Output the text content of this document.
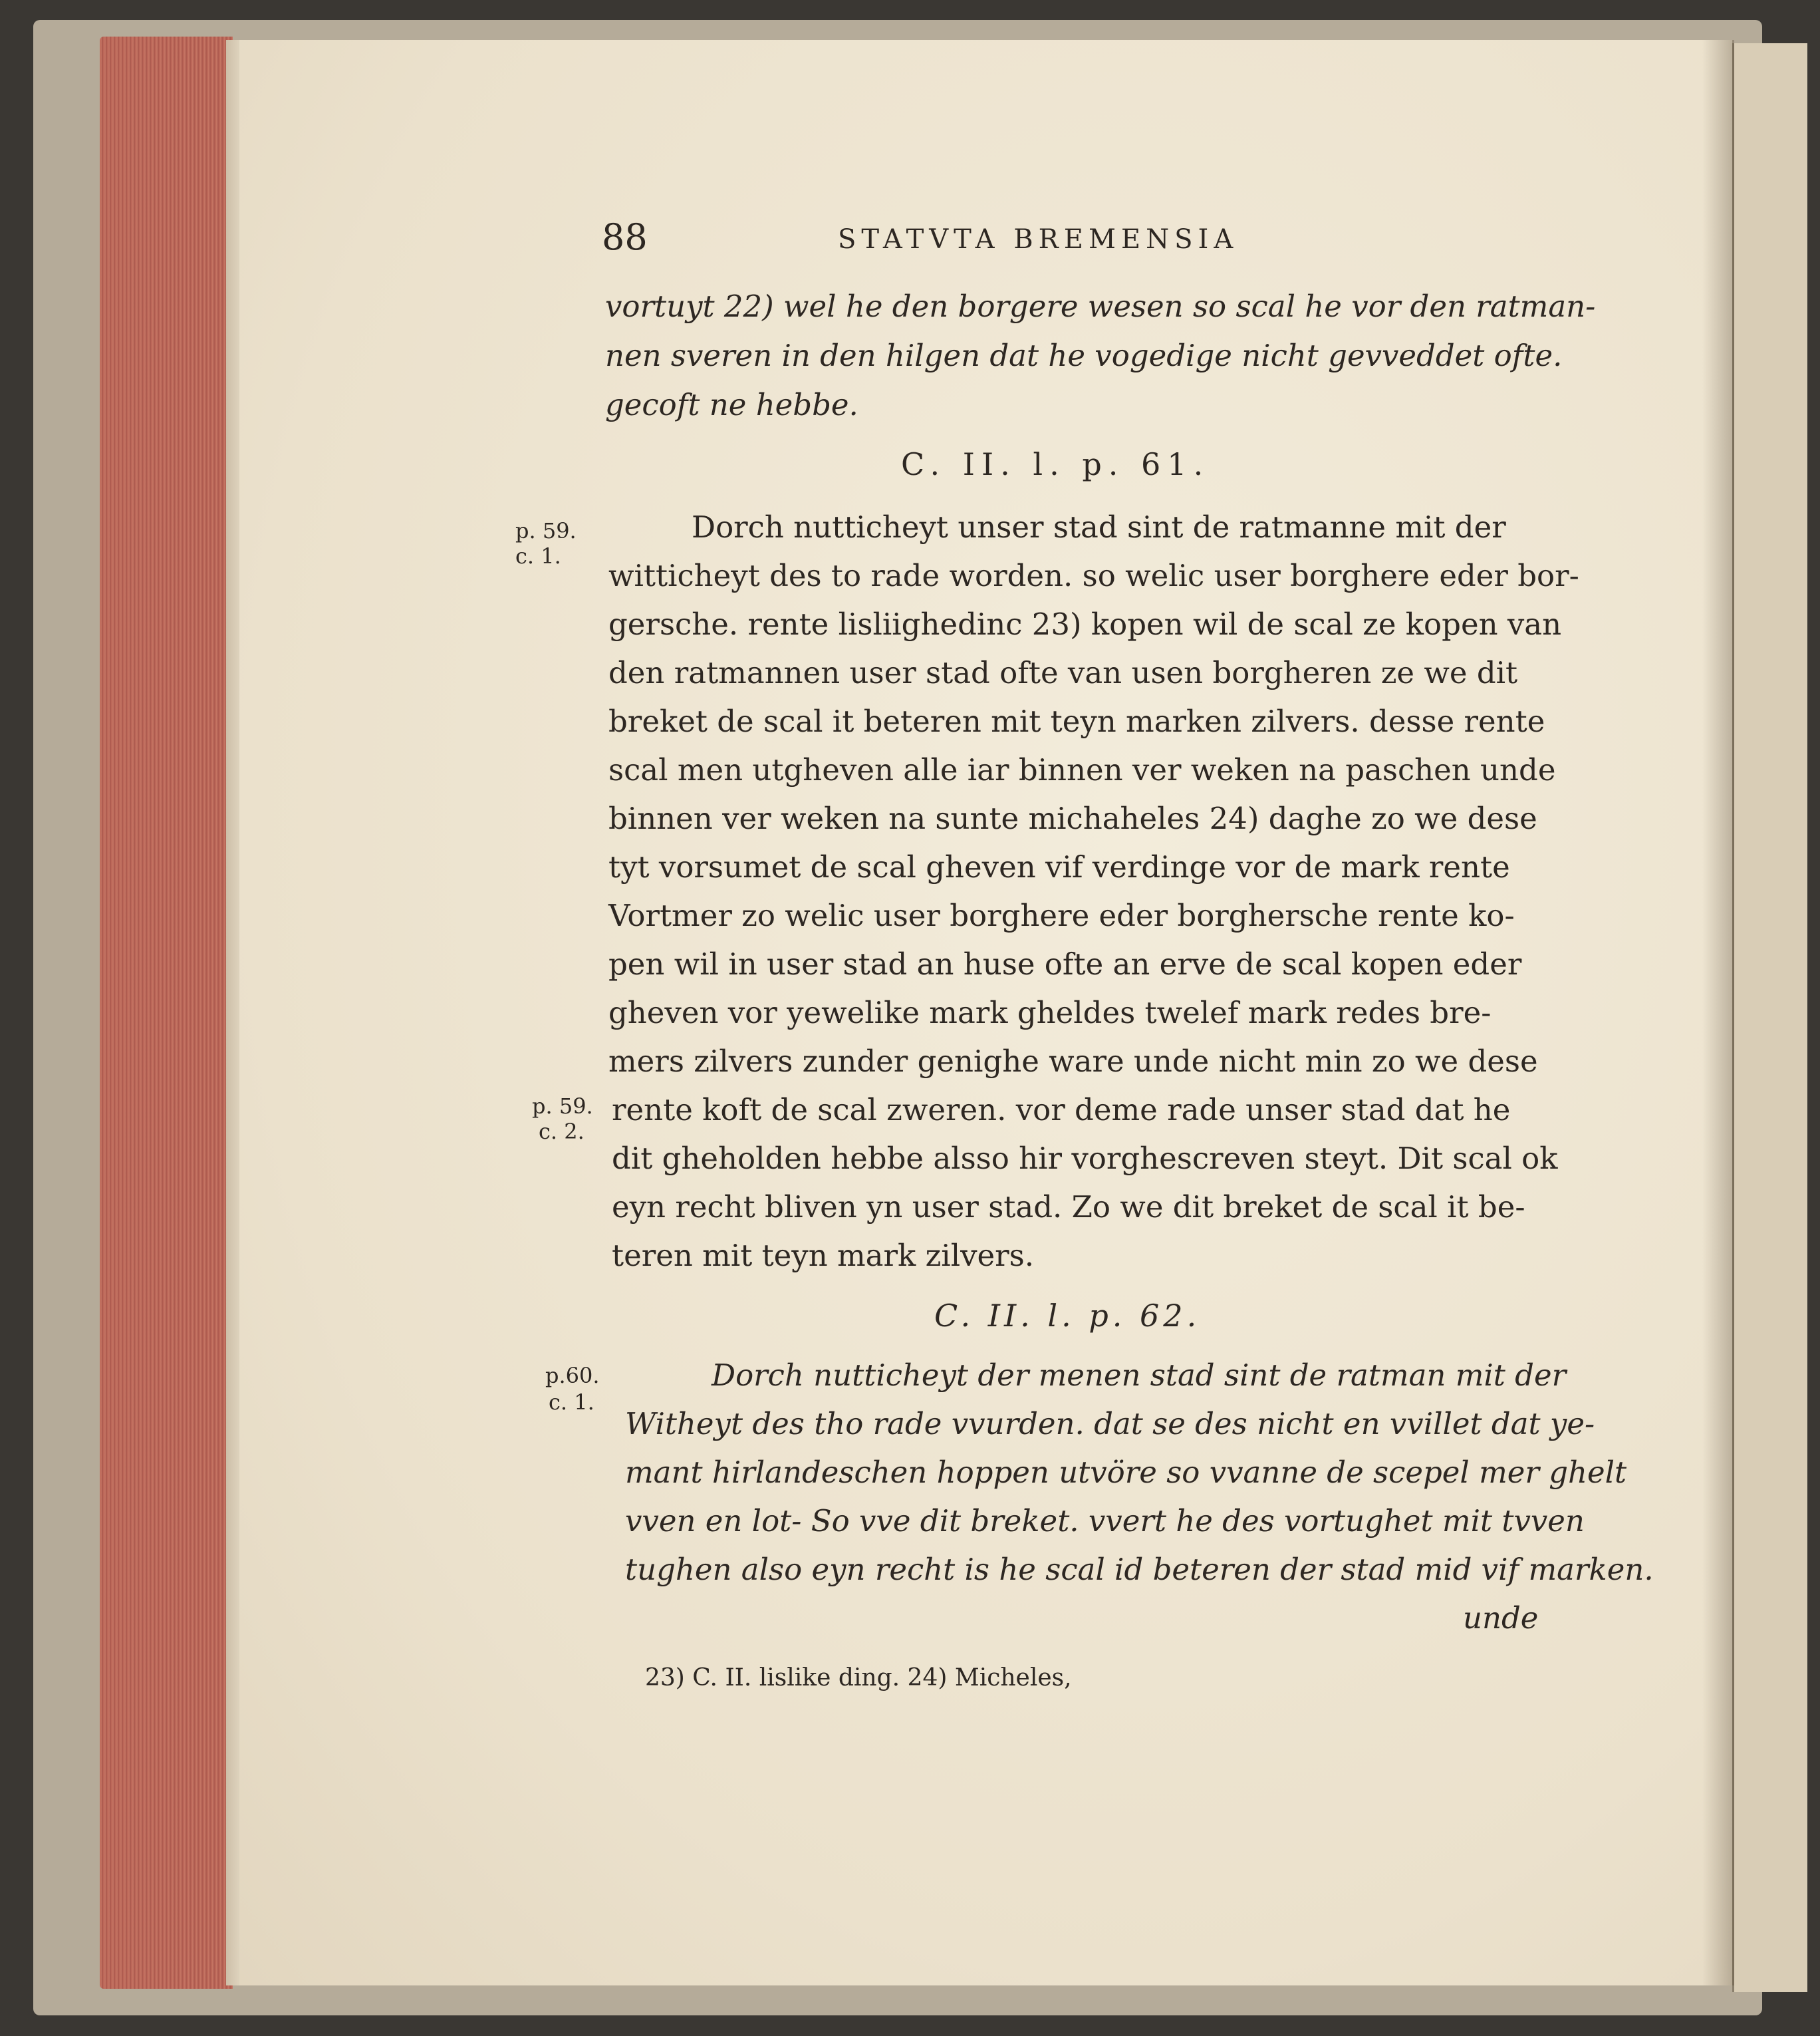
88	STATVTA BREMENSIA
vortuyt 22) wel he den borgere wesen so scal he vor den ratman-
nen sveren in den hilgen dat he vogedige nicht gevveddet ofte.
gecoft ne hebbe.
C. II. l. p. 61.
p. 59.
c. 1.
Dorch nutticheyt unser stad sint de ratmanne mit der
witticheyt des to rade worden. so welic user borghere eder bor-
gersche. rente lisliighedinc 23) kopen wil de scal ze kopen van
den ratmannen user stad ofte van usen borgheren ze we dit
breket de scal it beteren mit teyn marken zilvers. desse rente
scal men utgheven alle iar binnen ver weken na paschen unde
binnen ver weken na sunte michaheles 24) daghe zo we dese
tyt vorsumet de scal gheven vif verdinge vor de mark rente
Vortmer zo welic user borghere eder borghersche rente ko-
pen wil in user stad an huse ofte an erve de scal kopen eder
gheven vor yewelike mark gheldes twelef mark redes bre-
mers zilvers zunder genighe ware unde nicht min zo we dese
p. 59.
c. 2.
rente koft de scal zweren. vor deme rade unser stad dat he
dit gheholden hebbe alsso hir vorghescreven steyt. Dit scal ok
eyn recht bliven yn user stad. Zo we dit breket de scal it be-
teren mit teyn mark zilvers.
C. II. l. p. 62.
p.60.
c. 1.
Dorch nutticheyt der menen stad sint de ratman mit der
Witheyt des tho rade vvurden. dat se des nicht en vvillet dat ye-
mant hirlandeschen hoppen utvöre so vvanne de scepel mer ghelt
vven en lot- So vve dit breket. vvert he des vortughet mit tvven
tughen also eyn recht is he scal id beteren der stad mid vif marken.
unde
23) C. II. lislike ding. 24) Micheles,
